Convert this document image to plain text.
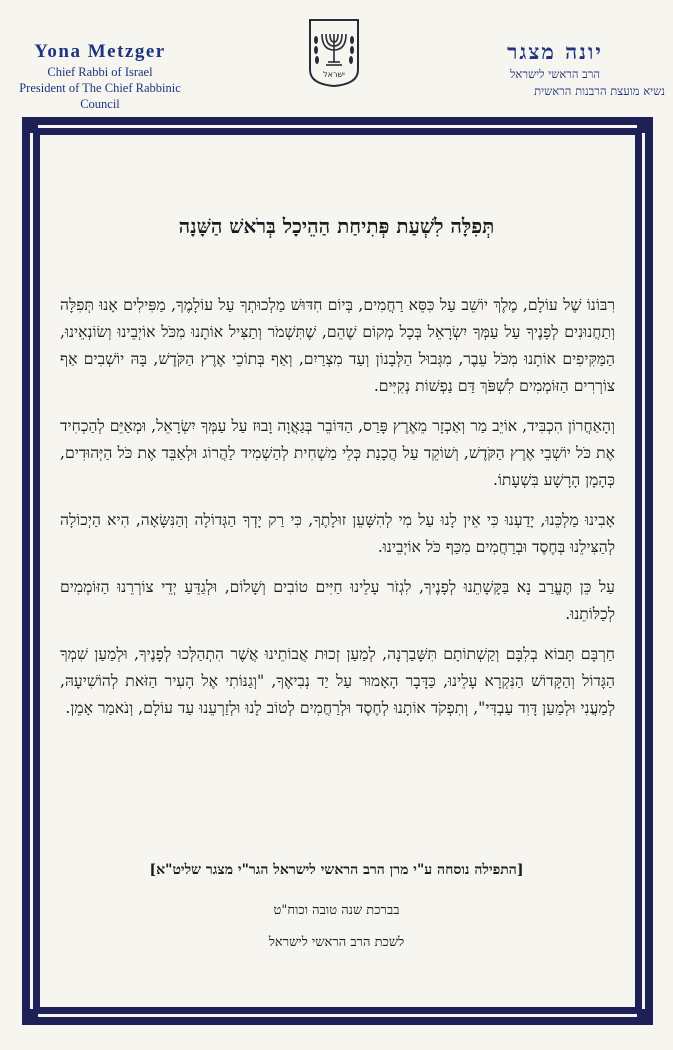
Yona Metzger
Chief Rabbi of Israel
President of The Chief Rabbinic Council
ישראל
יונה מצגר
הרב הראשי לישראל
נשיא מועצת הרבנות הראשית
תְּפִלָּה לִשְׁעַת פְּתִיחַת הַהֵיכָל בְּרֹאשׁ הַשָּׁנָה

רִבּוֹנוֹ שֶׁל עוֹלָם, מֶלֶךְ יוֹשֵׁב עַל כִּסֵּא רַחֲמִים, בְּיוֹם חִדּוּשׁ מַלְכוּתְךָ עַל עוֹלָמֶךָ, מַפִּילִים אָנוּ תְּפִלָּה וְתַחֲנוּנִים לְפָנֶיךָ עַל עַמְּךָ יִשְׂרָאֵל בְּכָל מְקוֹם שֶׁהֵם, שֶׁתִּשְׁמֹר וְתַצִּיל אוֹתָנוּ מִכֹּל אוֹיְבֵינוּ וְשׂוֹנְאֵינוּ, הַמַּקִּיפִים אוֹתָנוּ מִכֹּל עֵבֶר, מִגְּבוּל הַלְּבָנוֹן וְעַד מִצְרַיִם, וְאַף בְּתוֹכֵי אֶרֶץ הַקֹּדֶשׁ, בָּהּ יוֹשְׁבִים אַף צוֹרְרִים הַזּוֹמְמִים לִשְׁפֹּךְ דַּם נַפְשׁוֹת נְקִיִּים.

וְהָאַחֲרוֹן הִכְבִּיד, אוֹיֵב מַר וְאַכְזָר מֵאֶרֶץ פָּרַס, הַדּוֹבֵר בְּגַאֲוָה וָבוּז עַל עַמְּךָ יִשְׂרָאֵל, וּמְאַיֵּם לְהַכְחִיד אֶת כֹּל יוֹשְׁבֵי אֶרֶץ הַקֹּדֶשׁ, וְשׁוֹקֵד עַל הֲכָנַת כְּלֵי מַשְׁחִית לְהַשְׁמִיד לַהֲרוֹג וּלְאַבֵּד אֶת כֹּל הַיְּהוּדִים, כְּהָמָן הָרָשָׁע בִּשְׁעָתוֹ.

אָבִינוּ מַלְכֵּנוּ, יָדַעְנוּ כִּי אֵין לָנוּ עַל מִי לְהִשָּׁעֵן זוּלָתֶךָ, כִּי רַק יָדְךָ הַגְּדוֹלָה וְהַנִּשָּׂאָה, הִיא הַיְכוֹלָה לְהַצִּילֵנוּ בְּחֶסֶד וּבְרַחֲמִים מִכַּף כֹּל אוֹיְבֵינוּ.

עַל כֵּן תֶּעֱרַב נָא בַּקָּשָׁתֵנוּ לְפָנֶיךָ, לִגְזֹר עָלֵינוּ חַיִּים טוֹבִים וְשָׁלוֹם, וּלְגַדֵּעַ יְדֵי צוֹרְרֵנוּ הַזּוֹמְמִים לְכַלּוֹתֵנוּ.

חַרְבָּם תָּבוֹא בְלִבָּם וְקַשְׁתוֹתָם תִּשָּׁבַרְנָה, לְמַעַן זְכוּת אֲבוֹתֵינוּ אֲשֶׁר הִתְהַלְּכוּ לְפָנֶיךָ, וּלְמַעַן שִׁמְךָ הַגָּדוֹל וְהַקָּדוֹשׁ הַנִּקְרָא עָלֵינוּ, כַּדָּבָר הָאָמוּר עַל יַד נְבִיאֶךָ, "וְגַנּוֹתִי אֶל הָעִיר הַזֹּאת לְהוֹשִׁיעָהּ, לְמַעֲנִי וּלְמַעַן דָּוִד עַבְדִּי", וְתִפְקֹד אוֹתָנוּ לְחֶסֶד וּלְרַחֲמִים לְטוֹב לָנוּ וּלְזַרְעֵנוּ עַד עוֹלָם, וְנֹאמַר אָמֵן.

[התפילה נוסחה ע"י מרן הרב הראשי לישראל הגר"י מצגר שליט"א]
בברכת שנה טובה וכוח"ט
לשכת הרב הראשי לישראל
